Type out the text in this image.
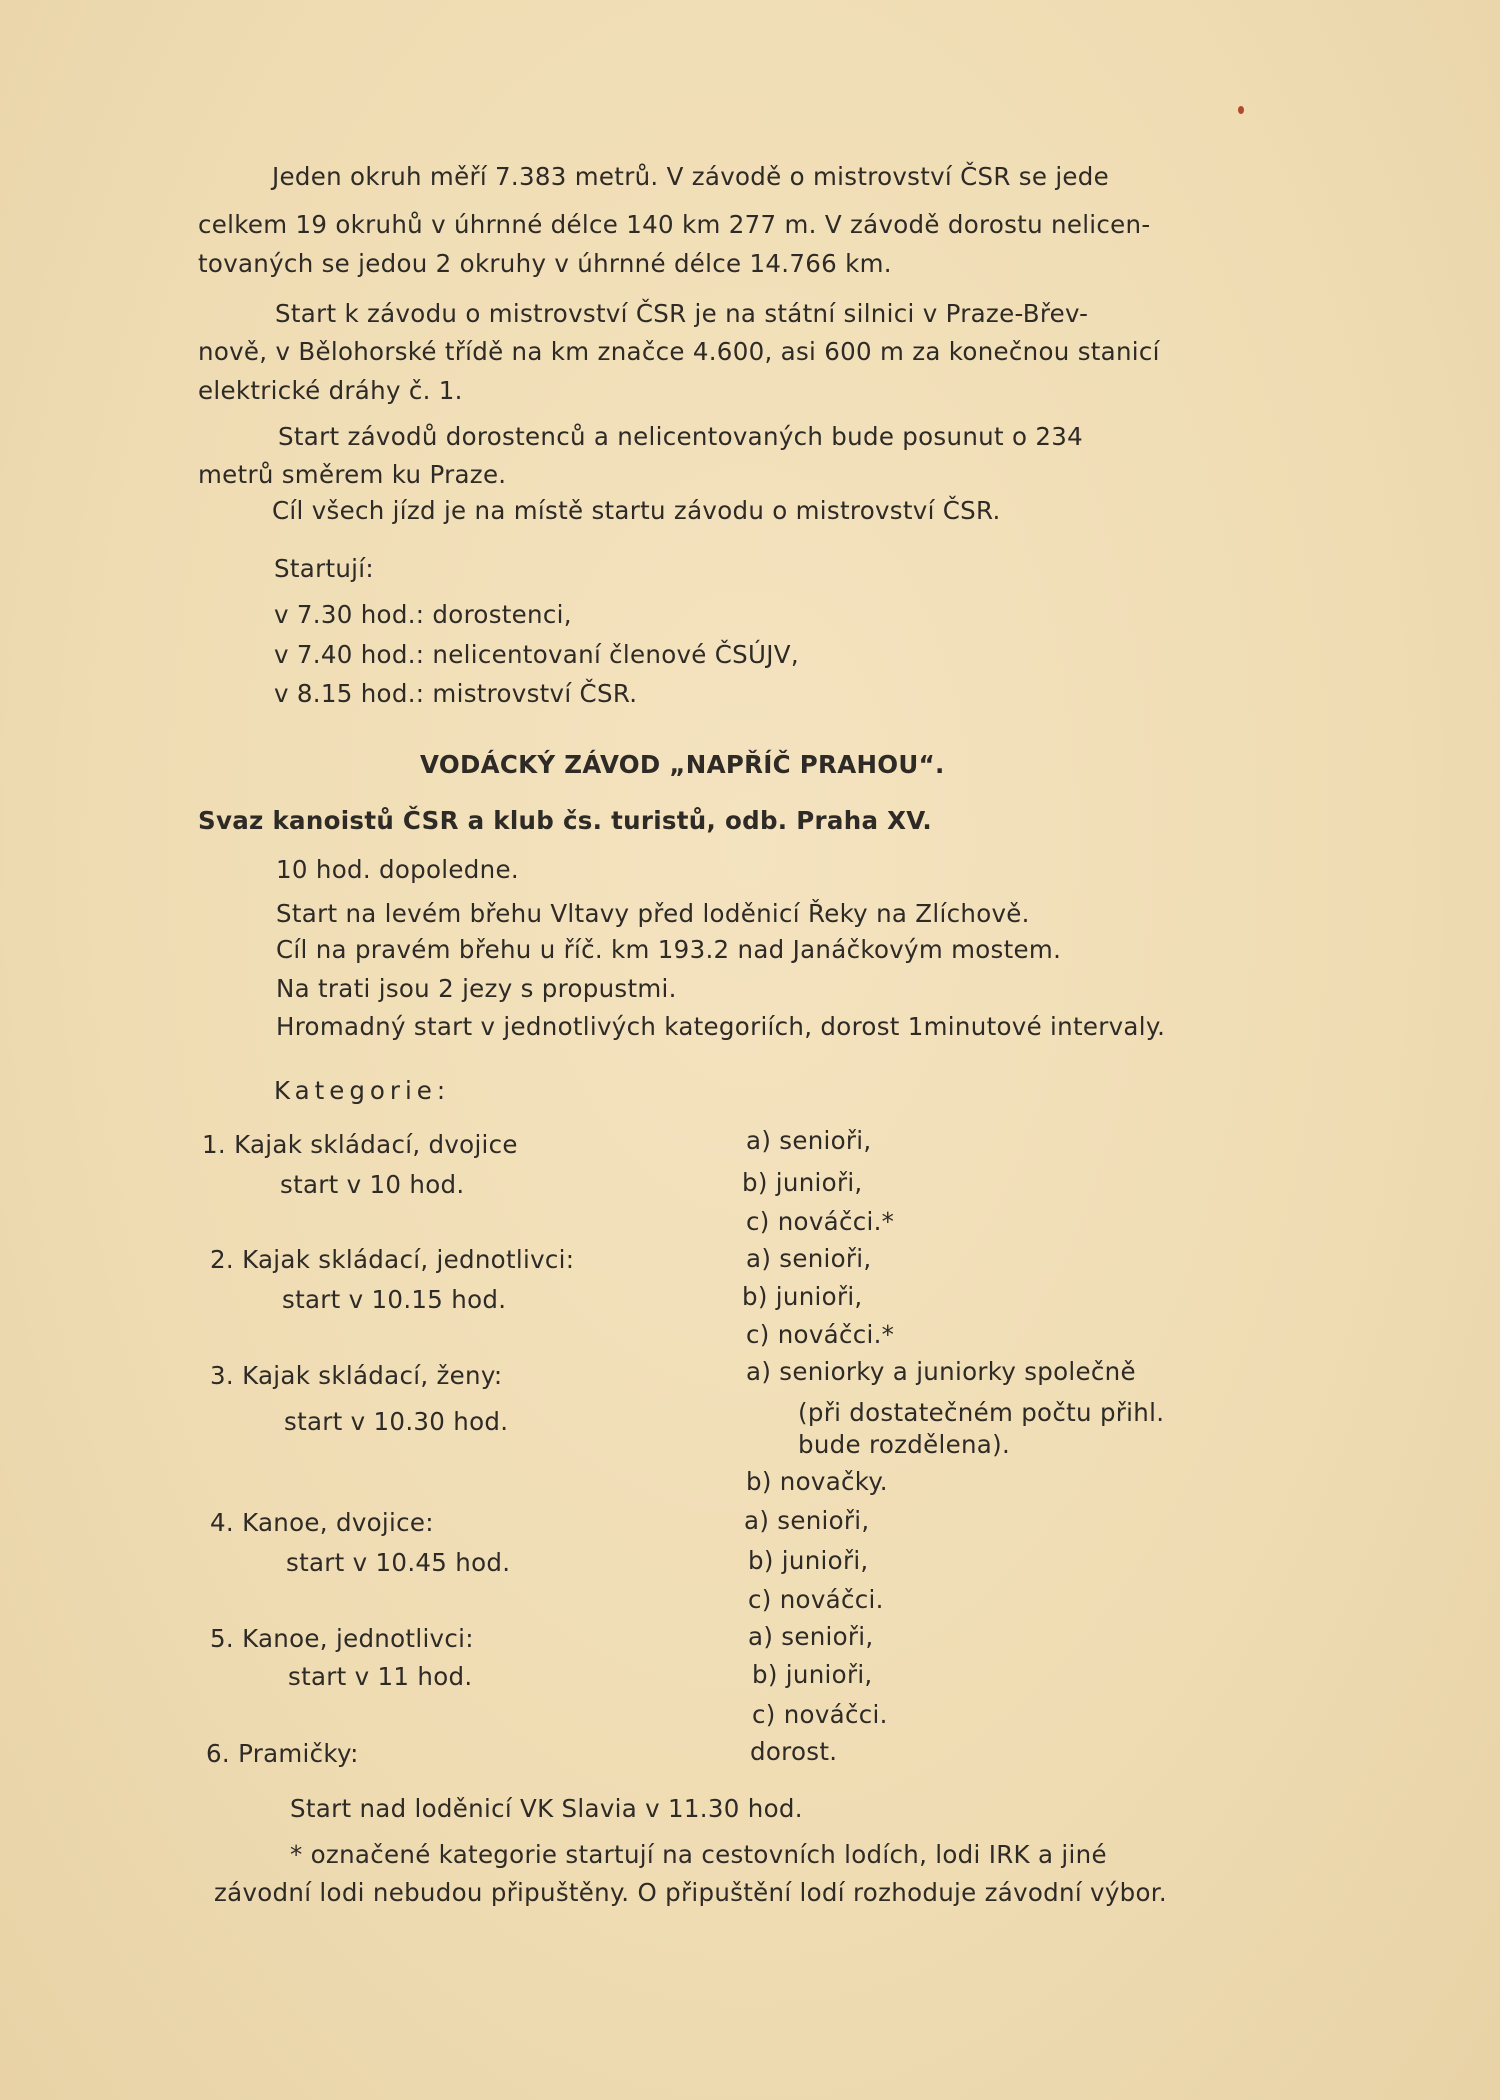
Jeden okruh měří 7.383 metrů. V závodě o mistrovství ČSR se jede
celkem 19 okruhů v úhrnné délce 140 km 277 m. V závodě dorostu nelicen-
tovaných se jedou 2 okruhy v úhrnné délce 14.766 km.
Start k závodu o mistrovství ČSR je na státní silnici v Praze-Břev-
nově, v Bělohorské třídě na km značce 4.600, asi 600 m za konečnou stanicí
elektrické dráhy č. 1.
Start závodů dorostenců a nelicentovaných bude posunut o 234
metrů směrem ku Praze.
Cíl všech jízd je na místě startu závodu o mistrovství ČSR.
Startují:
v 7.30 hod.: dorostenci,
v 7.40 hod.: nelicentovaní členové ČSÚJV,
v 8.15 hod.: mistrovství ČSR.
VODÁCKÝ ZÁVOD „NAPŘÍČ PRAHOU“.
Svaz kanoistů ČSR a klub čs. turistů, odb. Praha XV.
10 hod. dopoledne.
Start na levém břehu Vltavy před loděnicí Řeky na Zlíchově.
Cíl na pravém břehu u říč. km 193.2 nad Janáčkovým mostem.
Na trati jsou 2 jezy s propustmi.
Hromadný start v jednotlivých kategoriích, dorost 1minutové intervaly.
Kategorie:
1. Kajak skládací, dvojice
start v 10 hod.
a) senioři,
b) junioři,
c) nováčci.*
2. Kajak skládací, jednotlivci:
start v 10.15 hod.
a) senioři,
b) junioři,
c) nováčci.*
3. Kajak skládací, ženy:
start v 10.30 hod.
a) seniorky a juniorky společně
(při dostatečném počtu přihl.
bude rozdělena).
b) novačky.
4. Kanoe, dvojice:
start v 10.45 hod.
a) senioři,
b) junioři,
c) nováčci.
5. Kanoe, jednotlivci:
start v 11 hod.
a) senioři,
b) junioři,
c) nováčci.
6. Pramičky:	dorost.
Start nad loděnicí VK Slavia v 11.30 hod.
* označené kategorie startují na cestovních lodích, lodi IRK a jiné
závodní lodi nebudou připuštěny. O připuštění lodí rozhoduje závodní výbor.
